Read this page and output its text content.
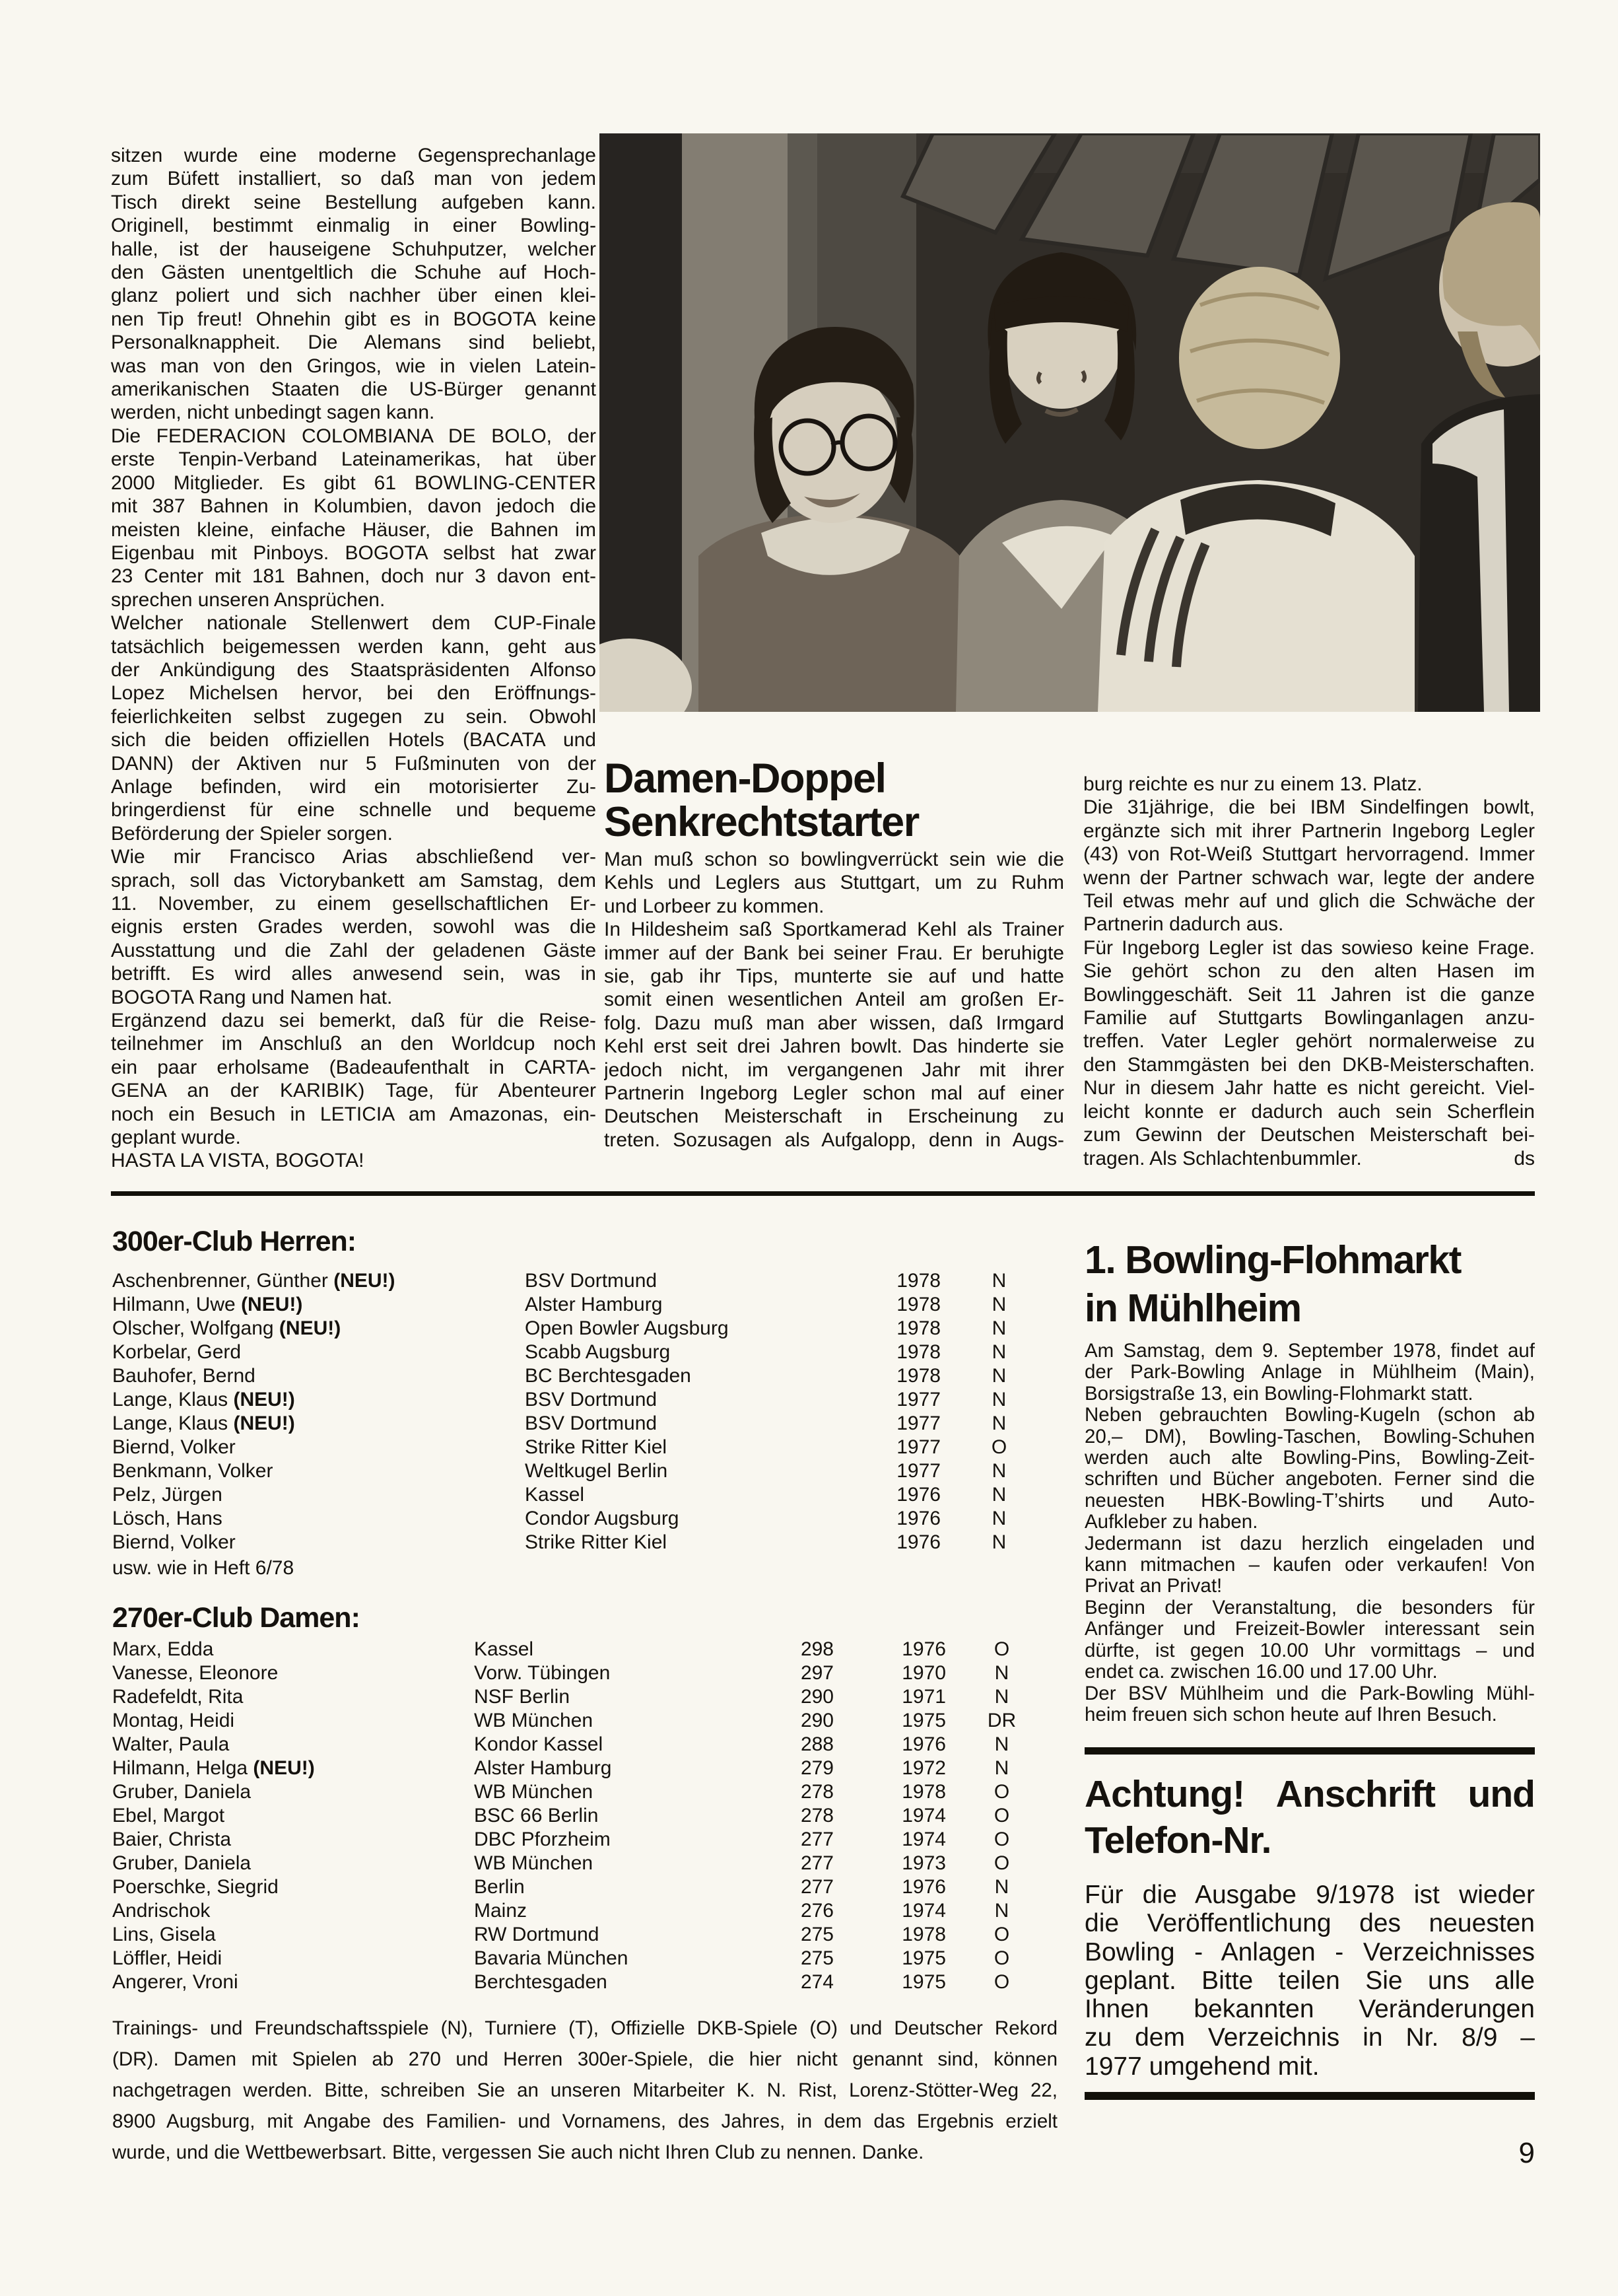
sitzen wurde eine moderne Gegensprechanlage
zum Büfett installiert, so daß man von jedem
Tisch direkt seine Bestellung aufgeben kann.
Originell, bestimmt einmalig in einer Bowling-
halle, ist der hauseigene Schuhputzer, welcher
den Gästen unentgeltlich die Schuhe auf Hoch-
glanz poliert und sich nachher über einen klei-
nen Tip freut! Ohnehin gibt es in BOGOTA keine
Personalknappheit. Die Alemans sind beliebt,
was man von den Gringos, wie in vielen Latein-
amerikanischen Staaten die US-Bürger genannt
werden, nicht unbedingt sagen kann.
Die FEDERACION COLOMBIANA DE BOLO, der
erste Tenpin-Verband Lateinamerikas, hat über
2000 Mitglieder. Es gibt 61 BOWLING-CENTER
mit 387 Bahnen in Kolumbien, davon jedoch die
meisten kleine, einfache Häuser, die Bahnen im
Eigenbau mit Pinboys. BOGOTA selbst hat zwar
23 Center mit 181 Bahnen, doch nur 3 davon ent-
sprechen unseren Ansprüchen.
Welcher nationale Stellenwert dem CUP-Finale
tatsächlich beigemessen werden kann, geht aus
der Ankündigung des Staatspräsidenten Alfonso
Lopez Michelsen hervor, bei den Eröffnungs-
feierlichkeiten selbst zugegen zu sein. Obwohl
sich die beiden offiziellen Hotels (BACATA und
DANN) der Aktiven nur 5 Fußminuten von der
Anlage befinden, wird ein motorisierter Zu-
bringerdienst für eine schnelle und bequeme
Beförderung der Spieler sorgen.
Wie mir Francisco Arias abschließend ver-
sprach, soll das Victorybankett am Samstag, dem
11. November, zu einem gesellschaftlichen Er-
eignis ersten Grades werden, sowohl was die
Ausstattung und die Zahl der geladenen Gäste
betrifft. Es wird alles anwesend sein, was in
BOGOTA Rang und Namen hat.
Ergänzend dazu sei bemerkt, daß für die Reise-
teilnehmer im Anschluß an den Worldcup noch
ein paar erholsame (Badeaufenthalt in CARTA-
GENA an der KARIBIK) Tage, für Abenteurer
noch ein Besuch in LETICIA am Amazonas, ein-
geplant wurde.
HASTA LA VISTA, BOGOTA!
Damen-Doppel
Senkrechtstarter
Man muß schon so bowlingverrückt sein wie die
Kehls und Leglers aus Stuttgart, um zu Ruhm
und Lorbeer zu kommen.
In Hildesheim saß Sportkamerad Kehl als Trainer
immer auf der Bank bei seiner Frau. Er beruhigte
sie, gab ihr Tips, munterte sie auf und hatte
somit einen wesentlichen Anteil am großen Er-
folg. Dazu muß man aber wissen, daß Irmgard
Kehl erst seit drei Jahren bowlt. Das hinderte sie
jedoch nicht, im vergangenen Jahr mit ihrer
Partnerin Ingeborg Legler schon mal auf einer
Deutschen Meisterschaft in Erscheinung zu
treten. Sozusagen als Aufgalopp, denn in Augs-
burg reichte es nur zu einem 13. Platz.
Die 31jährige, die bei IBM Sindelfingen bowlt,
ergänzte sich mit ihrer Partnerin Ingeborg Legler
(43) von Rot-Weiß Stuttgart hervorragend. Immer
wenn der Partner schwach war, legte der andere
Teil etwas mehr auf und glich die Schwäche der
Partnerin dadurch aus.
Für Ingeborg Legler ist das sowieso keine Frage.
Sie gehört schon zu den alten Hasen im
Bowlinggeschäft. Seit 11 Jahren ist die ganze
Familie auf Stuttgarts Bowlinganlagen anzu-
treffen. Vater Legler gehört normalerweise zu
den Stammgästen bei den DKB-Meisterschaften.
Nur in diesem Jahr hatte es nicht gereicht. Viel-
leicht konnte er dadurch auch sein Scherflein
zum Gewinn der Deutschen Meisterschaft bei-
tragen. Als Schlachtenbummler.	ds
300er-Club Herren:
Aschenbrenner, Günther (NEU!)	BSV Dortmund	1978	N
Hilmann, Uwe (NEU!)	Alster Hamburg	1978	N
Olscher, Wolfgang (NEU!)	Open Bowler Augsburg	1978	N
Korbelar, Gerd	Scabb Augsburg	1978	N
Bauhofer, Bernd	BC Berchtesgaden	1978	N
Lange, Klaus (NEU!)	BSV Dortmund	1977	N
Lange, Klaus (NEU!)	BSV Dortmund	1977	N
Biernd, Volker	Strike Ritter Kiel	1977	O
Benkmann, Volker	Weltkugel Berlin	1977	N
Pelz, Jürgen	Kassel	1976	N
Lösch, Hans	Condor Augsburg	1976	N
Biernd, Volker	Strike Ritter Kiel	1976	N
usw. wie in Heft 6/78
270er-Club Damen:
Marx, Edda	Kassel	298	1976	O
Vanesse, Eleonore	Vorw. Tübingen	297	1970	N
Radefeldt, Rita	NSF Berlin	290	1971	N
Montag, Heidi	WB München	290	1975	DR
Walter, Paula	Kondor Kassel	288	1976	N
Hilmann, Helga (NEU!)	Alster Hamburg	279	1972	N
Gruber, Daniela	WB München	278	1978	O
Ebel, Margot	BSC 66 Berlin	278	1974	O
Baier, Christa	DBC Pforzheim	277	1974	O
Gruber, Daniela	WB München	277	1973	O
Poerschke, Siegrid	Berlin	277	1976	N
Andrischok	Mainz	276	1974	N
Lins, Gisela	RW Dortmund	275	1978	O
Löffler, Heidi	Bavaria München	275	1975	O
Angerer, Vroni	Berchtesgaden	274	1975	O
Trainings- und Freundschaftsspiele (N), Turniere (T), Offizielle DKB-Spiele (O) und Deutscher Rekord
(DR). Damen mit Spielen ab 270 und Herren 300er-Spiele, die hier nicht genannt sind, können
nachgetragen werden. Bitte, schreiben Sie an unseren Mitarbeiter K. N. Rist, Lorenz-Stötter-Weg 22,
8900 Augsburg, mit Angabe des Familien- und Vornamens, des Jahres, in dem das Ergebnis erzielt
wurde, und die Wettbewerbsart. Bitte, vergessen Sie auch nicht Ihren Club zu nennen. Danke.
1. Bowling-Flohmarkt
in Mühlheim
Am Samstag, dem 9. September 1978, findet auf
der Park-Bowling Anlage in Mühlheim (Main),
Borsigstraße 13, ein Bowling-Flohmarkt statt.
Neben gebrauchten Bowling-Kugeln (schon ab
20,– DM), Bowling-Taschen, Bowling-Schuhen
werden auch alte Bowling-Pins, Bowling-Zeit-
schriften und Bücher angeboten. Ferner sind die
neuesten HBK-Bowling-T’shirts und Auto-
Aufkleber zu haben.
Jedermann ist dazu herzlich eingeladen und
kann mitmachen – kaufen oder verkaufen! Von
Privat an Privat!
Beginn der Veranstaltung, die besonders für
Anfänger und Freizeit-Bowler interessant sein
dürfte, ist gegen 10.00 Uhr vormittags – und
endet ca. zwischen 16.00 und 17.00 Uhr.
Der BSV Mühlheim und die Park-Bowling Mühl-
heim freuen sich schon heute auf Ihren Besuch.
Achtung! Anschrift und
Telefon-Nr.
Für die Ausgabe 9/1978 ist wieder
die Veröffentlichung des neuesten
Bowling - Anlagen - Verzeichnisses
geplant. Bitte teilen Sie uns alle
Ihnen bekannten Veränderungen
zu dem Verzeichnis in Nr. 8/9 –
1977 umgehend mit.
9
